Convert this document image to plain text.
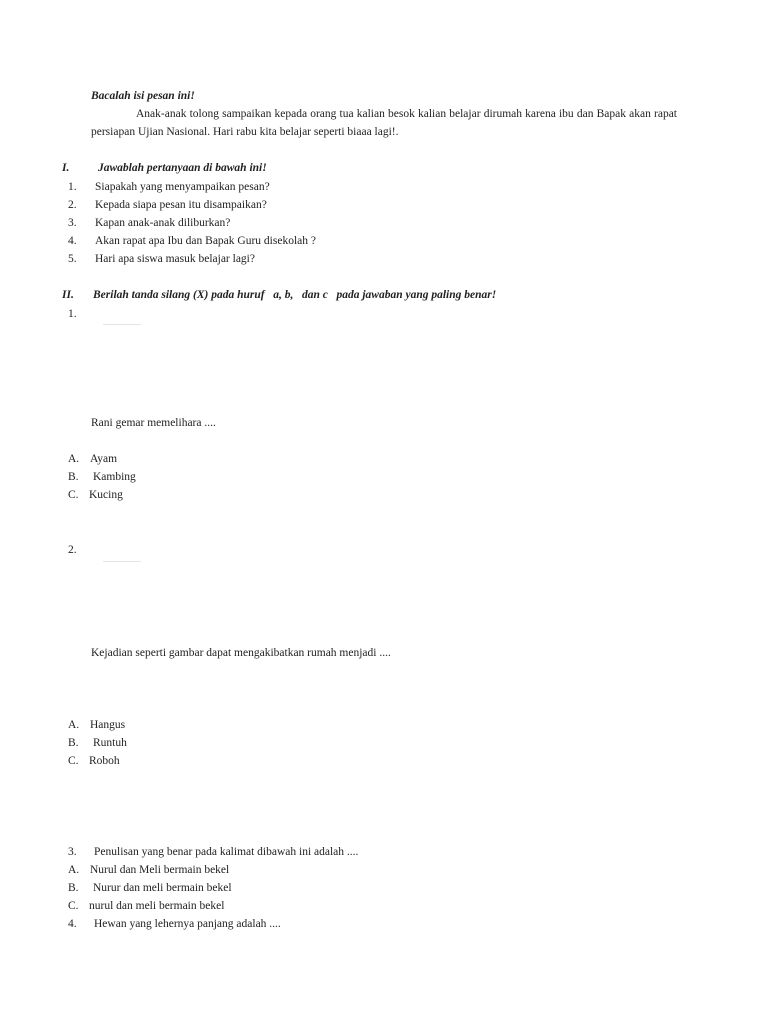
Bacalah isi pesan ini!
Anak-anak tolong sampaikan kepada orang tua kalian besok kalian belajar dirumah karena ibu dan Bapak akan rapat persiapan Ujian Nasional. Hari rabu kita belajar seperti biaaa lagi!.
I. Jawablah pertanyaan di bawah ini!
1. Siapakah yang menyampaikan pesan?
2. Kepada siapa pesan itu disampaikan?
3. Kapan anak-anak diliburkan?
4. Akan rapat apa Ibu dan Bapak Guru disekolah ?
5. Hari apa siswa masuk belajar lagi?
II. Berilah tanda silang (X) pada huruf   a, b,   dan c   pada jawaban yang paling benar!
1.
Rani gemar memelihara ....
A. Ayam
B. Kambing
C. Kucing
2.
Kejadian seperti gambar dapat mengakibatkan rumah menjadi ....
A. Hangus
B. Runtuh
C. Roboh
3. Penulisan yang benar pada kalimat dibawah ini adalah ....
A. Nurul dan Meli bermain bekel
B. Nurur dan meli bermain bekel
C. nurul dan meli bermain bekel
4. Hewan yang lehernya panjang adalah ....
